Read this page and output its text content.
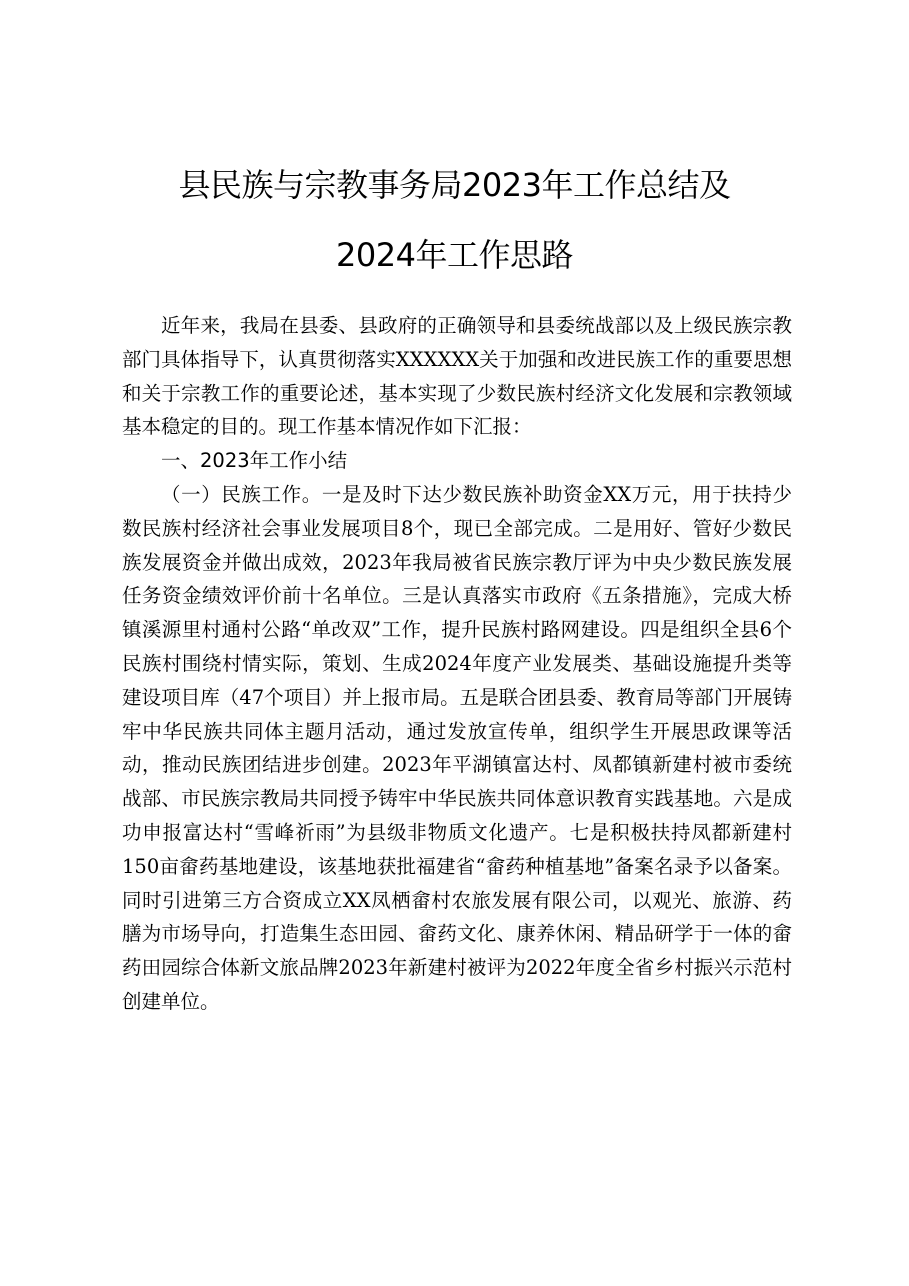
县民族与宗教事务局2023年工作总结及
2024年工作思路

近年来，我局在县委、县政府的正确领导和县委统战部以及上级民族宗教部门具体指导下，认真贯彻落实XXXXXX关于加强和改进民族工作的重要思想和关于宗教工作的重要论述，基本实现了少数民族村经济文化发展和宗教领域基本稳定的目的。现工作基本情况作如下汇报：

一、2023年工作小结

（一）民族工作。一是及时下达少数民族补助资金XX万元，用于扶持少数民族村经济社会事业发展项目8个，现已全部完成。二是用好、管好少数民族发展资金并做出成效，2023年我局被省民族宗教厅评为中央少数民族发展任务资金绩效评价前十名单位。三是认真落实市政府《五条措施》，完成大桥镇溪源里村通村公路“单改双”工作，提升民族村路网建设。四是组织全县6个民族村围绕村情实际，策划、生成2024年度产业发展类、基础设施提升类等建设项目库（47个项目）并上报市局。五是联合团县委、教育局等部门开展铸牢中华民族共同体主题月活动，通过发放宣传单，组织学生开展思政课等活动，推动民族团结进步创建。2023年平湖镇富达村、凤都镇新建村被市委统战部、市民族宗教局共同授予铸牢中华民族共同体意识教育实践基地。六是成功申报富达村“雪峰祈雨”为县级非物质文化遗产。七是积极扶持凤都新建村150亩畲药基地建设，该基地获批福建省“畲药种植基地”备案名录予以备案。同时引进第三方合资成立XX凤栖畲村农旅发展有限公司，以观光、旅游、药膳为市场导向，打造集生态田园、畲药文化、康养休闲、精品研学于一体的畲药田园综合体新文旅品牌2023年新建村被评为2022年度全省乡村振兴示范村创建单位。
